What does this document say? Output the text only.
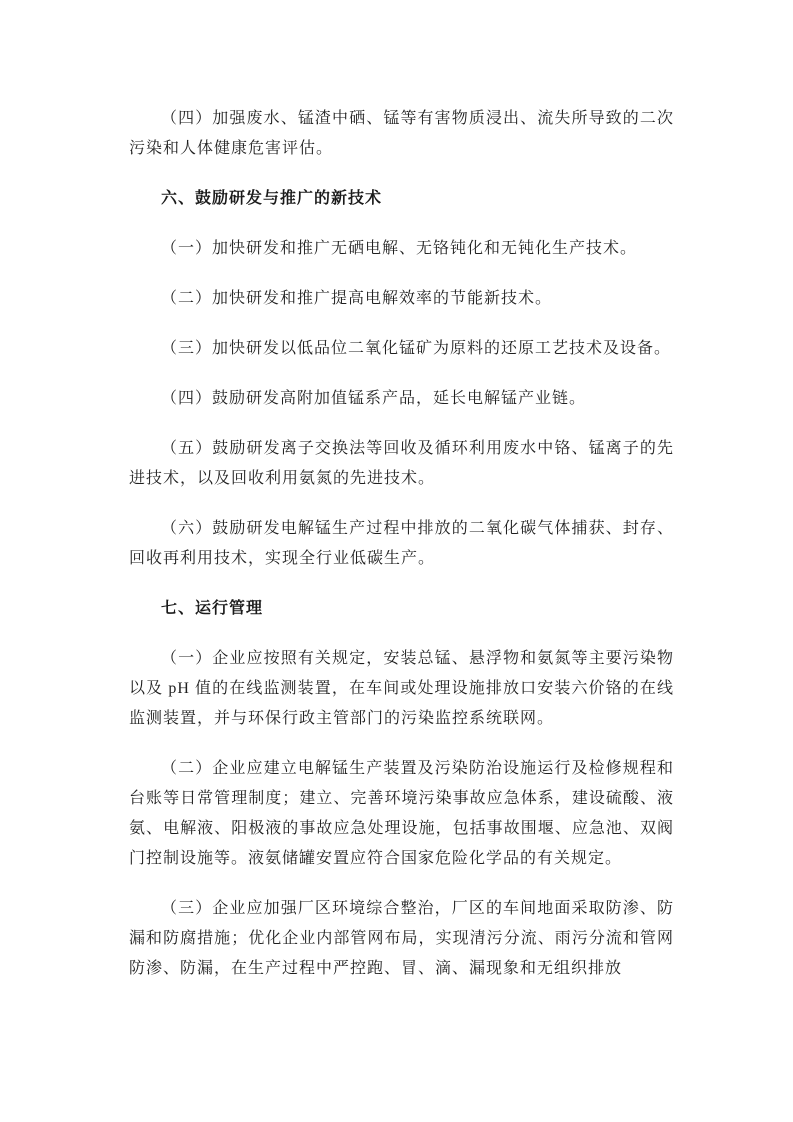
（四）加强废水、锰渣中硒、锰等有害物质浸出、流失所导致的二次污染和人体健康危害评估。

六、鼓励研发与推广的新技术

（一）加快研发和推广无硒电解、无铬钝化和无钝化生产技术。

（二）加快研发和推广提高电解效率的节能新技术。

（三）加快研发以低品位二氧化锰矿为原料的还原工艺技术及设备。

（四）鼓励研发高附加值锰系产品，延长电解锰产业链。

（五）鼓励研发离子交换法等回收及循环利用废水中铬、锰离子的先进技术，以及回收利用氨氮的先进技术。

（六）鼓励研发电解锰生产过程中排放的二氧化碳气体捕获、封存、回收再利用技术，实现全行业低碳生产。

七、运行管理

（一）企业应按照有关规定，安装总锰、悬浮物和氨氮等主要污染物以及 pH 值的在线监测装置，在车间或处理设施排放口安装六价铬的在线监测装置，并与环保行政主管部门的污染监控系统联网。

（二）企业应建立电解锰生产装置及污染防治设施运行及检修规程和台账等日常管理制度；建立、完善环境污染事故应急体系，建设硫酸、液氨、电解液、阳极液的事故应急处理设施，包括事故围堰、应急池、双阀门控制设施等。液氨储罐安置应符合国家危险化学品的有关规定。

（三）企业应加强厂区环境综合整治，厂区的车间地面采取防渗、防漏和防腐措施；优化企业内部管网布局，实现清污分流、雨污分流和管网防渗、防漏，在生产过程中严控跑、冒、滴、漏现象和无组织排放
